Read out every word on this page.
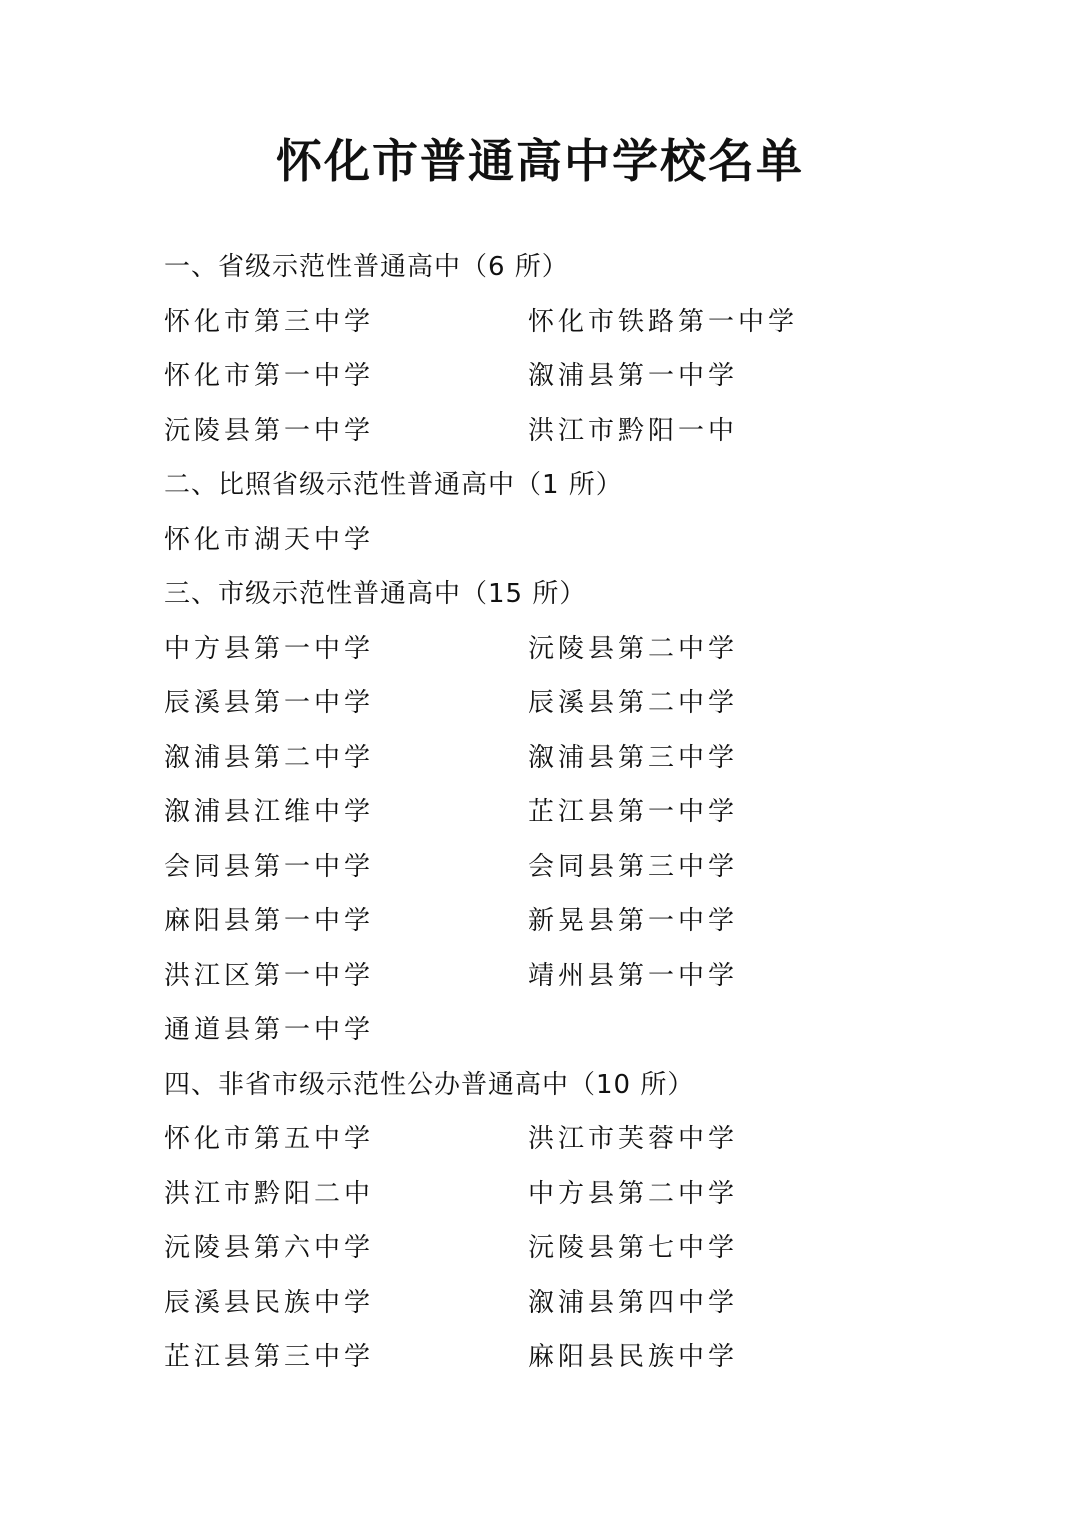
怀化市普通高中学校名单
一、省级示范性普通高中（6 所）
怀化市第三中学	怀化市铁路第一中学
怀化市第一中学	溆浦县第一中学
沅陵县第一中学	洪江市黔阳一中
二、比照省级示范性普通高中（1 所）
怀化市湖天中学
三、市级示范性普通高中（15 所）
中方县第一中学	沅陵县第二中学
辰溪县第一中学	辰溪县第二中学
溆浦县第二中学	溆浦县第三中学
溆浦县江维中学	芷江县第一中学
会同县第一中学	会同县第三中学
麻阳县第一中学	新晃县第一中学
洪江区第一中学	靖州县第一中学
通道县第一中学
四、非省市级示范性公办普通高中（10 所）
怀化市第五中学	洪江市芙蓉中学
洪江市黔阳二中	中方县第二中学
沅陵县第六中学	沅陵县第七中学
辰溪县民族中学	溆浦县第四中学
芷江县第三中学	麻阳县民族中学
